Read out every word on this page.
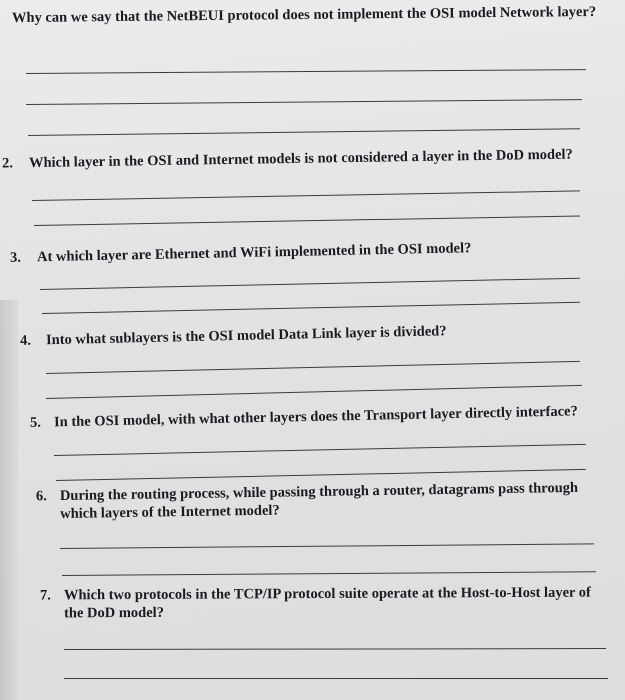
Why can we say that the NetBEUI protocol does not implement the OSI model Network layer?
2.	Which layer in the OSI and Internet models is not considered a layer in the DoD model?
3.	At which layer are Ethernet and WiFi implemented in the OSI model?
4.	Into what sublayers is the OSI model Data Link layer is divided?
5. In the OSI model, with what other layers does the Transport layer directly interface?
6. During the routing process, while passing through a router, datagrams pass through which layers of the Internet model?
7. Which two protocols in the TCP/IP protocol suite operate at the Host-to-Host layer of the DoD model?
